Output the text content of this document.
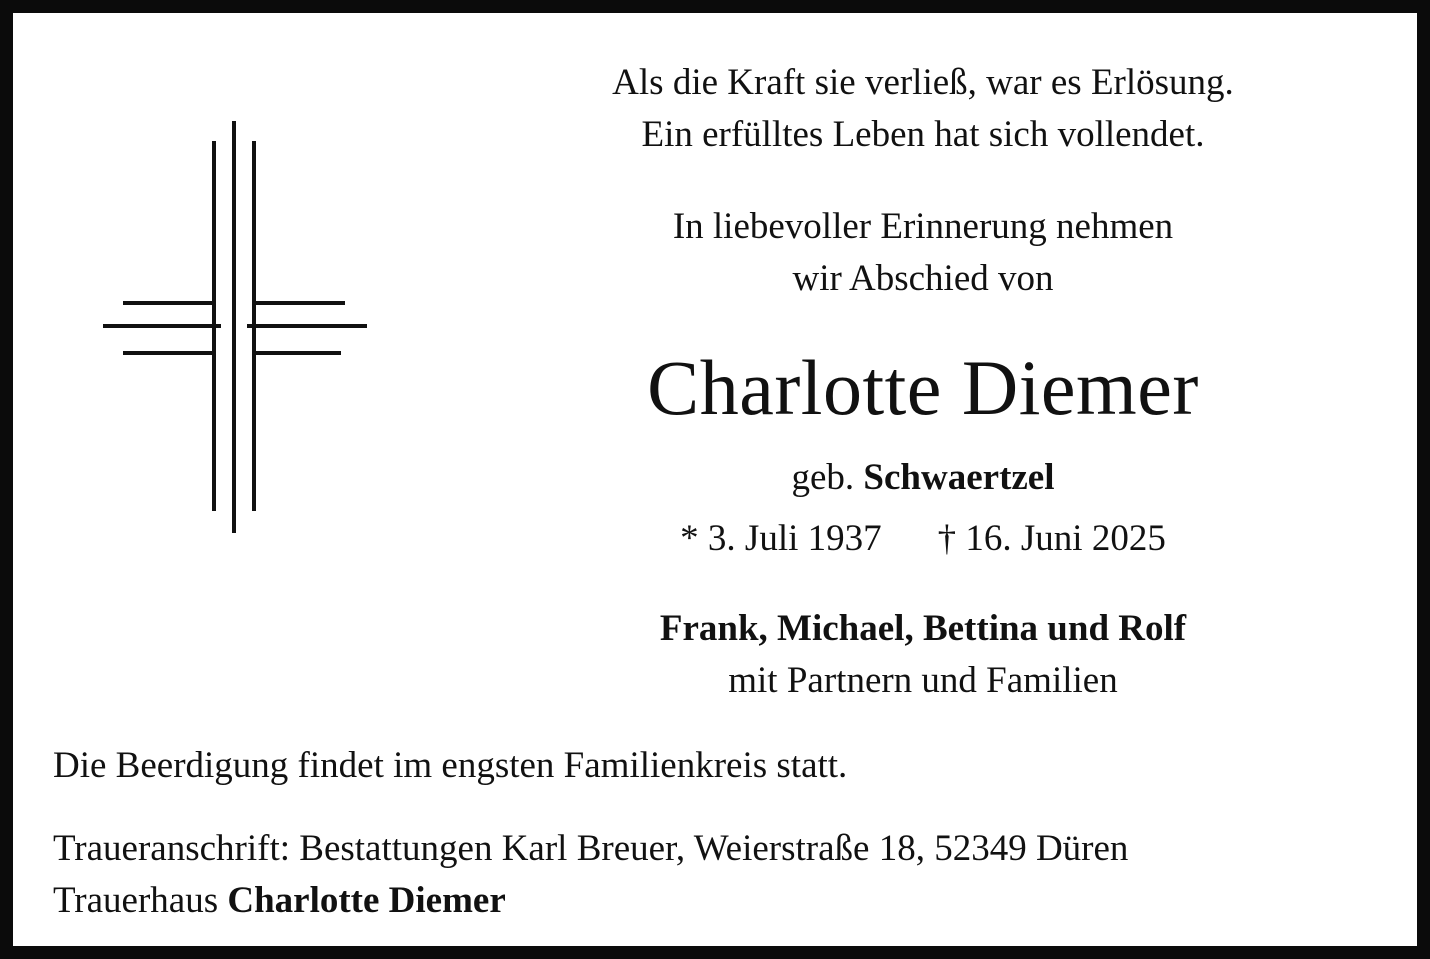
Als die Kraft sie verließ, war es Erlösung.
Ein erfülltes Leben hat sich vollendet.
In liebevoller Erinnerung nehmen
wir Abschied von
Charlotte Diemer
geb. Schwaertzel
* 3. Juli 1937 † 16. Juni 2025
Frank, Michael, Bettina und Rolf
mit Partnern und Familien
Die Beerdigung findet im engsten Familienkreis statt.
Traueranschrift: Bestattungen Karl Breuer, Weierstraße 18, 52349 Düren
Trauerhaus Charlotte Diemer
